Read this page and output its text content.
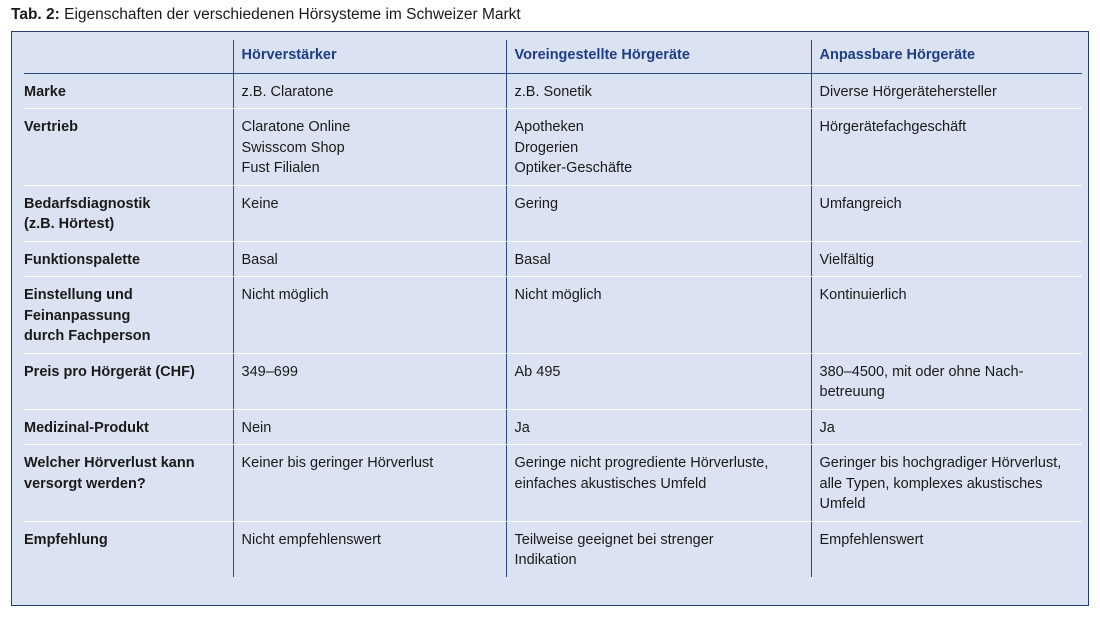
Tab. 2: Eigenschaften der verschiedenen Hörsysteme im Schweizer Markt
	Hörverstärker	Voreingestellte Hörgeräte	Anpassbare Hörgeräte

Marke	z.B. Claratone	z.B. Sonetik	Diverse Hörgerätehersteller

Vertrieb	Claratone Online
Swisscom Shop
Fust Filialen	Apotheken
Drogerien
Optiker-Geschäfte	Hörgerätefachgeschäft

Bedarfsdiagnostik
(z.B. Hörtest)	Keine	Gering	Umfangreich

Funktionspalette	Basal	Basal	Vielfältig

Einstellung und
Feinanpassung
durch Fachperson	Nicht möglich	Nicht möglich	Kontinuierlich

Preis pro Hörgerät (CHF)	349–699	Ab 495	380–4500, mit oder ohne Nach-
betreuung

Medizinal-Produkt	Nein	Ja	Ja

Welcher Hörverlust kann
versorgt werden?	Keiner bis geringer Hörverlust	Geringe nicht progrediente Hörverluste,
einfaches akustisches Umfeld	Geringer bis hochgradiger Hörverlust,
alle Typen, komplexes akustisches
Umfeld

Empfehlung	Nicht empfehlenswert	Teilweise geeignet bei strenger
Indikation	Empfehlenswert
